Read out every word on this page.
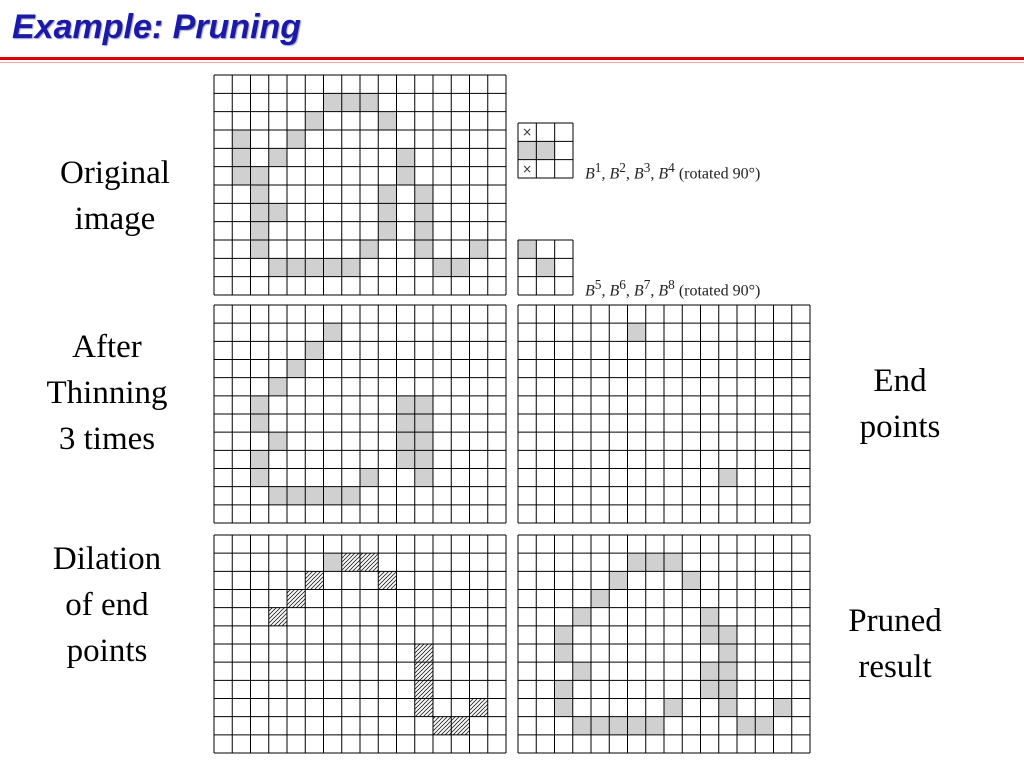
Example: Pruning
Original
image
After
Thinning
3 times
End
points
Dilation
of end
points
Pruned
result
$B^1$, $B^2$, $B^3$, $B^4$ (rotated 90°)
$B^5$, $B^6$, $B^7$, $B^8$ (rotated 90°)
×
×
